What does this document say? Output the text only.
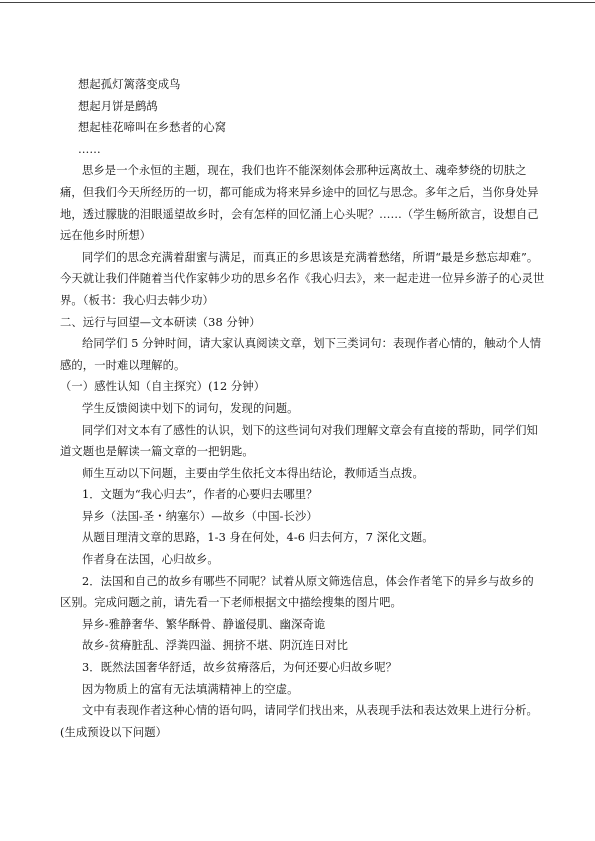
想起孤灯篱落变成鸟

想起月饼是鹧鸪

想起桂花啼叫在乡愁者的心窝

……

思乡是一个永恒的主题，现在，我们也许不能深刻体会那种远离故土、魂牵梦绕的切肤之痛，但我们今天所经历的一切，都可能成为将来异乡途中的回忆与思念。多年之后，当你身处异地，透过朦胧的泪眼遥望故乡时，会有怎样的回忆涌上心头呢？……（学生畅所欲言，设想自己远在他乡时所想）

同学们的思念充满着甜蜜与满足，而真正的乡思该是充满着愁绪，所谓“最是乡愁忘却难”。今天就让我们伴随着当代作家韩少功的思乡名作《我心归去》，来一起走进一位异乡游子的心灵世界。（板书：我心归去韩少功）

二、远行与回望—文本研读（38 分钟）

给同学们 5 分钟时间，请大家认真阅读文章，划下三类词句：表现作者心情的，触动个人情感的，一时难以理解的。

（一）感性认知（自主探究）(12 分钟）

学生反馈阅读中划下的词句，发现的问题。

同学们对文本有了感性的认识，划下的这些词句对我们理解文章会有直接的帮助，同学们知道文题也是解读一篇文章的一把钥匙。

师生互动以下问题，主要由学生依托文本得出结论，教师适当点拨。

1．文题为“我心归去”，作者的心要归去哪里？

异乡（法国-圣・纳塞尔）—故乡（中国-长沙）

从题目理清文章的思路，1-3 身在何处，4-6 归去何方，7 深化文题。

作者身在法国，心归故乡。

2．法国和自己的故乡有哪些不同呢？试着从原文筛选信息，体会作者笔下的异乡与故乡的区别。完成问题之前，请先看一下老师根据文中描绘搜集的图片吧。

异乡-雅静奢华、繁华酥骨、静谧侵肌、幽深奇诡

故乡-贫瘠脏乱、浮粪四溢、拥挤不堪、阴沉连日对比

3．既然法国奢华舒适，故乡贫瘠落后，为何还要心归故乡呢？

因为物质上的富有无法填满精神上的空虚。

文中有表现作者这种心情的语句吗，请同学们找出来，从表现手法和表达效果上进行分析。(生成预设以下问题）
